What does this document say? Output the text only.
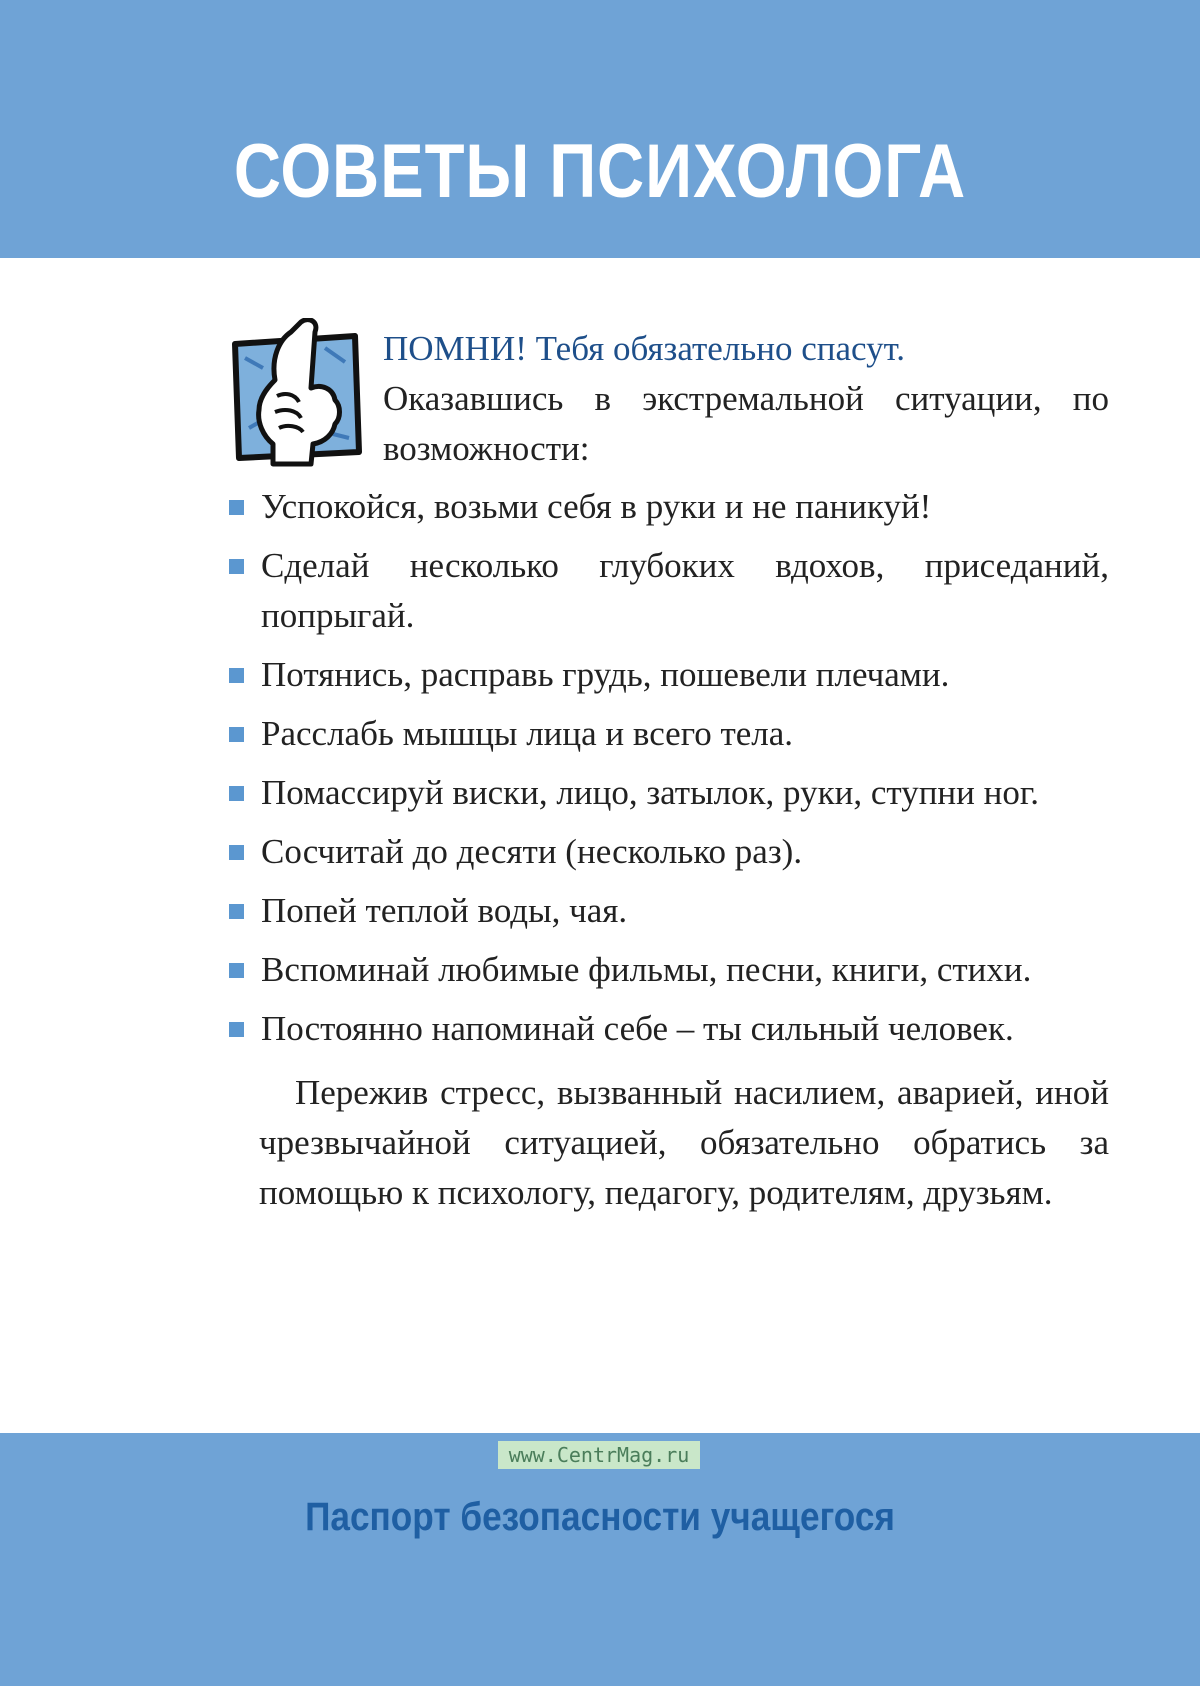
СОВЕТЫ ПСИХОЛОГА
ПОМНИ! Тебя обязательно спасут.
Оказавшись в экстремальной ситуации, по возможности:
Успокойся, возьми себя в руки и не паникуй!
Сделай несколько глубоких вдохов, приседаний, попрыгай.
Потянись, расправь грудь, пошевели плечами.
Расслабь мышцы лица и всего тела.
Помассируй виски, лицо, затылок, руки, ступни ног.
Сосчитай до десяти (несколько раз).
Попей теплой воды, чая.
Вспоминай любимые фильмы, песни, книги, стихи.
Постоянно напоминай себе – ты сильный человек.

Пережив стресс, вызванный насилием, аварией, иной чрезвычайной ситуацией, обязательно обратись за помощью к психологу, педагогу, родителям, друзьям.

www.CentrMag.ru
Паспорт безопасности учащегося
